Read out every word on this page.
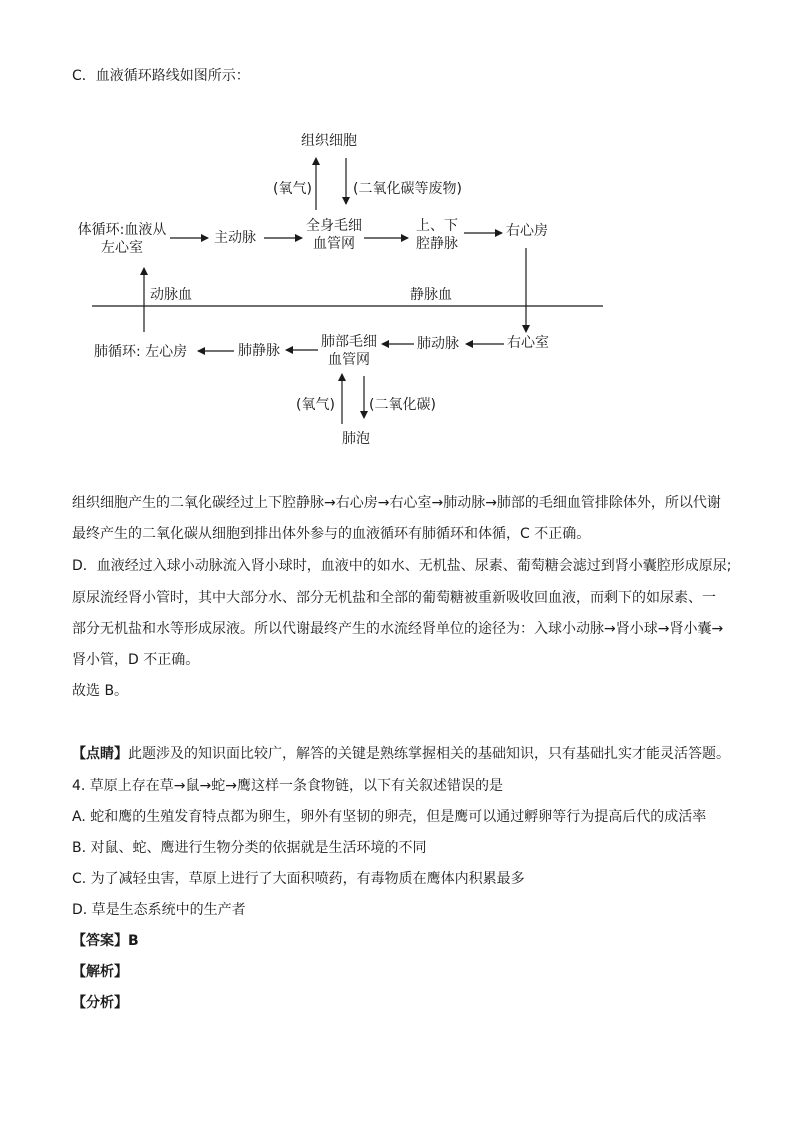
C．血液循环路线如图所示：
组织细胞
(氧气)	(二氧化碳等废物)
体循环:血液从
左心室
主动脉
全身毛细
血管网
上、下
腔静脉
右心房
动脉血	静脉血
肺循环: 左心房	肺静脉
肺部毛细
血管网
肺动脉	右心室
(氧气) (二氧化碳)
肺泡
组织细胞产生的二氧化碳经过上下腔静脉→右心房→右心室→肺动脉→肺部的毛细血管排除体外，所以代谢
最终产生的二氧化碳从细胞到排出体外参与的血液循环有肺循环和体循，C 不正确。
D．血液经过入球小动脉流入肾小球时，血液中的如水、无机盐、尿素、葡萄糖会滤过到肾小囊腔形成原尿;
原尿流经肾小管时，其中大部分水、部分无机盐和全部的葡萄糖被重新吸收回血液，而剩下的如尿素、一
部分无机盐和水等形成尿液。所以代谢最终产生的水流经肾单位的途径为：入球小动脉→肾小球→肾小囊→
肾小管，D 不正确。
故选 B。
【点睛】此题涉及的知识面比较广，解答的关键是熟练掌握相关的基础知识，只有基础扎实才能灵活答题。
4. 草原上存在草→鼠→蛇→鹰这样一条食物链，以下有关叙述错误的是
A. 蛇和鹰的生殖发育特点都为卵生，卵外有坚韧的卵壳，但是鹰可以通过孵卵等行为提高后代的成活率
B. 对鼠、蛇、鹰进行生物分类的依据就是生活环境的不同
C. 为了减轻虫害，草原上进行了大面积喷药，有毒物质在鹰体内积累最多
D. 草是生态系统中的生产者
【答案】B
【解析】
【分析】
